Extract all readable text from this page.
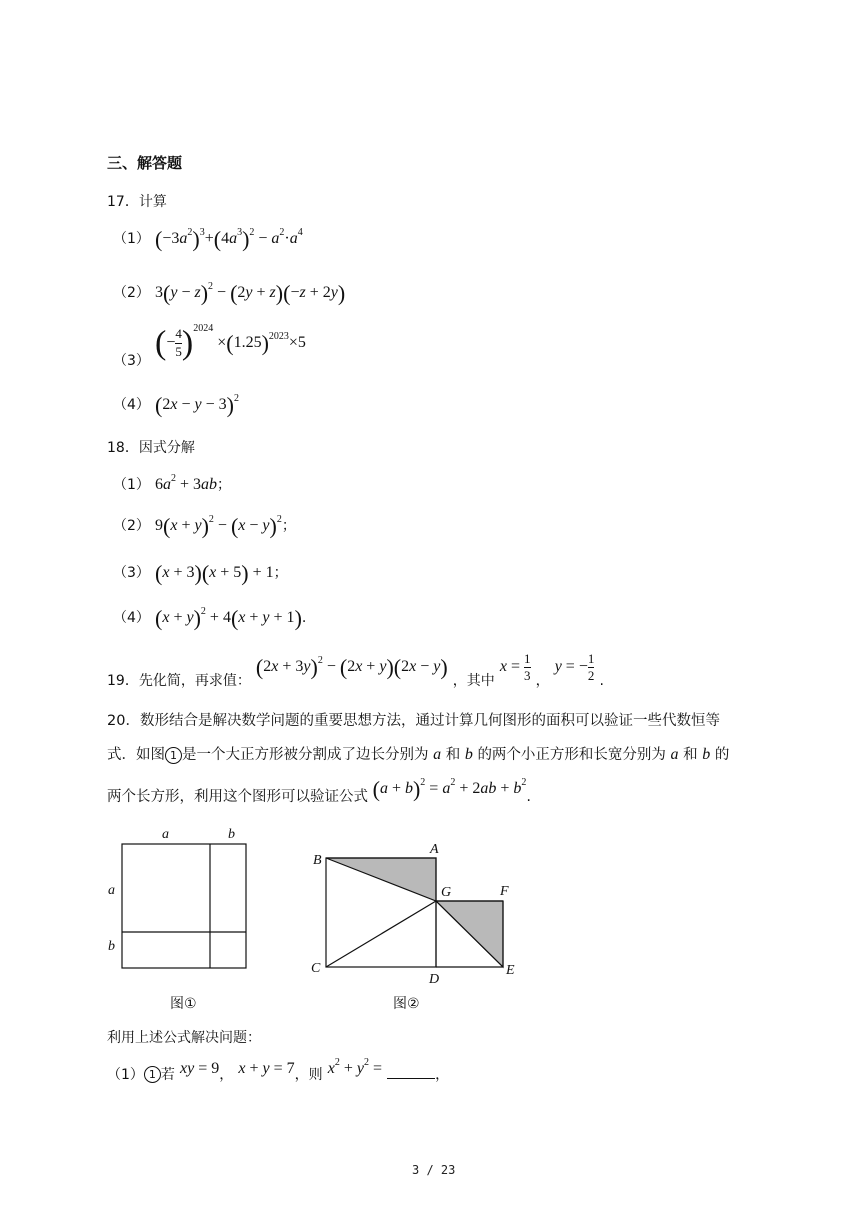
三、解答题
17．计算
（1） $(-3a^2)^3+(4a^3)^2 - a^2\cdot a^4$
（2） $3(y - z)^2 - (2y + z)(-z + 2y)$
（3） (− $\frac{4}{5} )^{2024} \times(1.25)^{2023}\times 5$
（4） $(2x - y - 3)^2$
18．因式分解
（1） $6a^2 + 3ab$；
（2） $9(x + y)^2 - (x - y)^2$；
（3） (x + 3)(x + 5) + 1；
（4） $(x + y)^2 + 4(x + y + 1)$.
19．先化简，再求值： $(2x + 3y)^2 - (2x + y)(2x - y)$ ，其中 $x = \frac{1}{3}$ ， y = − $\frac{1}{2}$ .
20．数形结合是解决数学问题的重要思想方法，通过计算几何图形的面积可以验证一些代数恒等
式．如图 1 是一个大正方形被分割成了边长分别为 a 和 b 的两个小正方形和长宽分别为 a 和 b 的
两个长方形，利用这个图形可以验证公式 $(a + b)^2 = a^2 + 2ab + b^2$.
a	b
a
b
图①
A
B
C
D
E
F
G
图②
利用上述公式解决问题：
（1） 1 若 xy = 9， x + y = 7，则 $x^2 + y^2$ =	，
3 / 23
